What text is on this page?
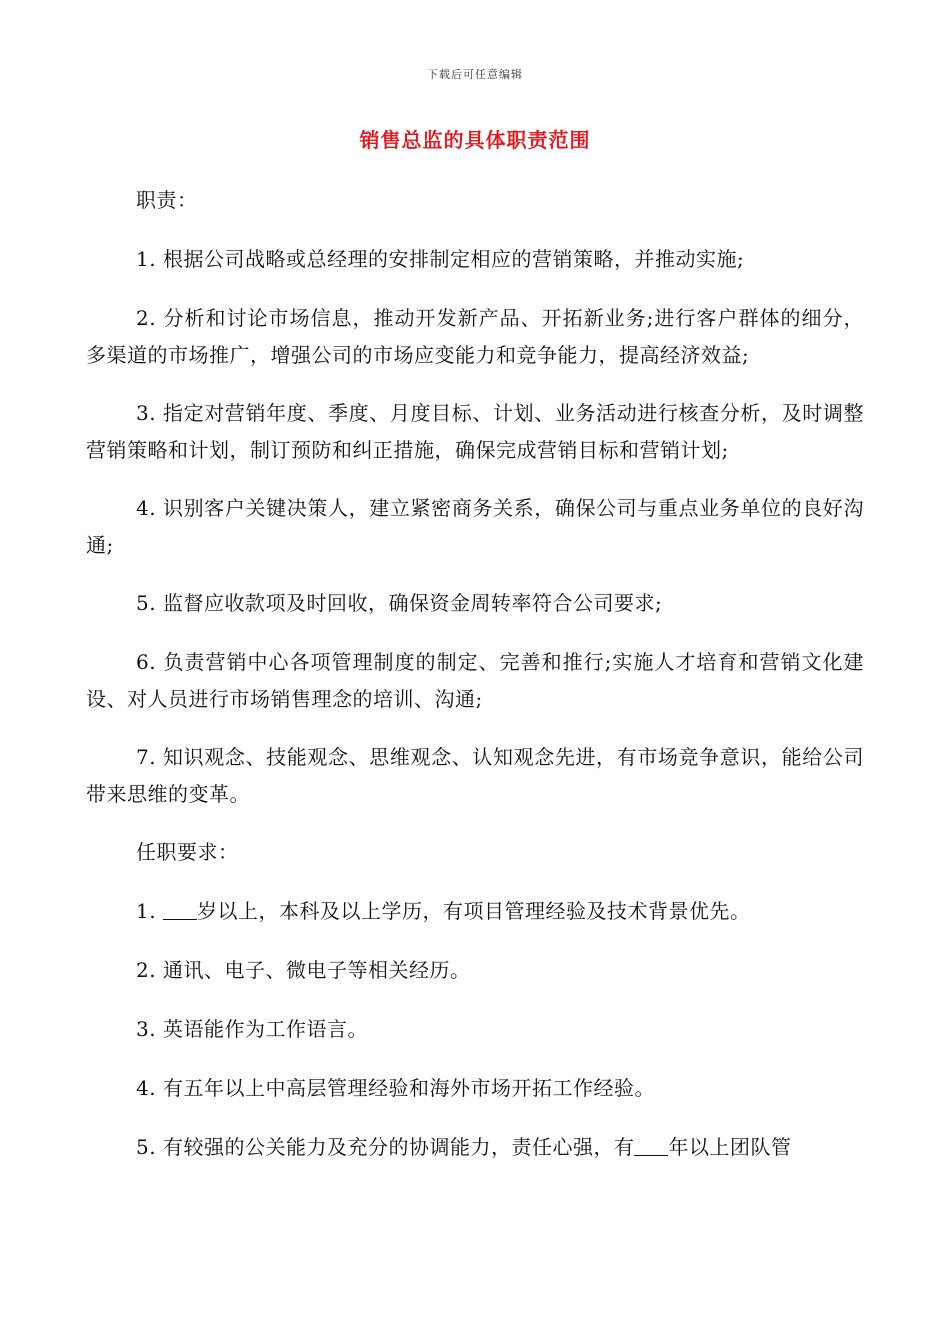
下载后可任意编辑
销售总监的具体职责范围

职责：

1. 根据公司战略或总经理的安排制定相应的营销策略，并推动实施;

2. 分析和讨论市场信息，推动开发新产品、开拓新业务;进行客户群体的细分，多渠道的市场推广，增强公司的市场应变能力和竞争能力，提高经济效益;

3. 指定对营销年度、季度、月度目标、计划、业务活动进行核查分析，及时调整营销策略和计划，制订预防和纠正措施，确保完成营销目标和营销计划;

4. 识别客户关键决策人，建立紧密商务关系，确保公司与重点业务单位的良好沟通;

5. 监督应收款项及时回收，确保资金周转率符合公司要求;

6. 负责营销中心各项管理制度的制定、完善和推行;实施人才培育和营销文化建设、对人员进行市场销售理念的培训、沟通;

7. 知识观念、技能观念、思维观念、认知观念先进，有市场竞争意识，能给公司带来思维的变革。

任职要求：

1. 岁以上，本科及以上学历，有项目管理经验及技术背景优先。

2. 通讯、电子、微电子等相关经历。

3. 英语能作为工作语言。

4. 有五年以上中高层管理经验和海外市场开拓工作经验。

5. 有较强的公关能力及充分的协调能力，责任心强，有 年以上团队管
